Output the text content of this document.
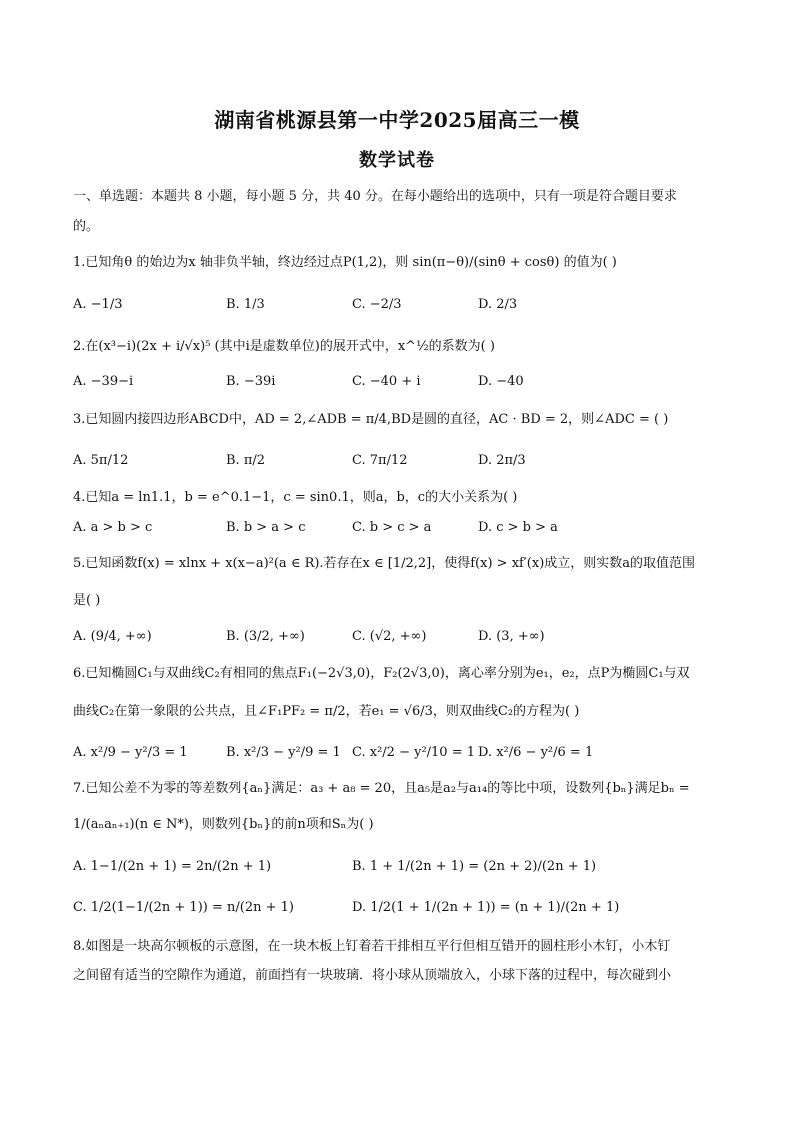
湖南省桃源县第一中学2025届高三一模
数学试卷
一、单选题：本题共 8 小题，每小题 5 分，共 40 分。在每小题给出的选项中，只有一项是符合题目要求
的。
1.已知角θ 的始边为x 轴非负半轴，终边经过点P(1,2)，则 sin(π−θ)/(sinθ + cosθ) 的值为( )
A. −1/3	B. 1/3	C. −2/3	D. 2/3
2.在(x³−i)(2x + i/√x)⁵ (其中i是虚数单位)的展开式中，x^½的系数为( )
A. −39−i	B. −39i	C. −40 + i	D. −40
3.已知圆内接四边形ABCD中，AD = 2,∠ADB = π/4,BD是圆的直径，AC · BD = 2，则∠ADC = ( )
A. 5π/12	B. π/2	C. 7π/12	D. 2π/3
4.已知a = ln1.1，b = e^0.1−1，c = sin0.1，则a，b，c的大小关系为( )
A. a > b > c	B. b > a > c	C. b > c > a	D. c > b > a
5.已知函数f(x) = xlnx + x(x−a)²(a ∈ R).若存在x ∈ [1/2,2]，使得f(x) > xf′(x)成立，则实数a的取值范围
是( )
A. (9/4, +∞)	B. (3/2, +∞)	C. (√2, +∞)	D. (3, +∞)
6.已知椭圆C₁与双曲线C₂有相同的焦点F₁(−2√3,0)，F₂(2√3,0)，离心率分别为e₁，e₂，点P为椭圆C₁与双
曲线C₂在第一象限的公共点，且∠F₁PF₂ = π/2，若e₁ = √6/3，则双曲线C₂的方程为( )
A. x²/9 − y²/3 = 1	B. x²/3 − y²/9 = 1 C. x²/2 − y²/10 = 1 D. x²/6 − y²/6 = 1
7.已知公差不为零的等差数列{aₙ}满足：a₃ + a₈ = 20，且a₅是a₂与a₁₄的等比中项，设数列{bₙ}满足bₙ =
1/(aₙaₙ₊₁)(n ∈ N*)，则数列{bₙ}的前n项和Sₙ为( )
A. 1−1/(2n + 1) = 2n/(2n + 1)	B. 1 + 1/(2n + 1) = (2n + 2)/(2n + 1)
C. 1/2(1−1/(2n + 1)) = n/(2n + 1)	D. 1/2(1 + 1/(2n + 1)) = (n + 1)/(2n + 1)
8.如图是一块高尔顿板的示意图，在一块木板上钉着若干排相互平行但相互错开的圆柱形小木钉，小木钉
之间留有适当的空隙作为通道，前面挡有一块玻璃．将小球从顶端放入，小球下落的过程中，每次碰到小
